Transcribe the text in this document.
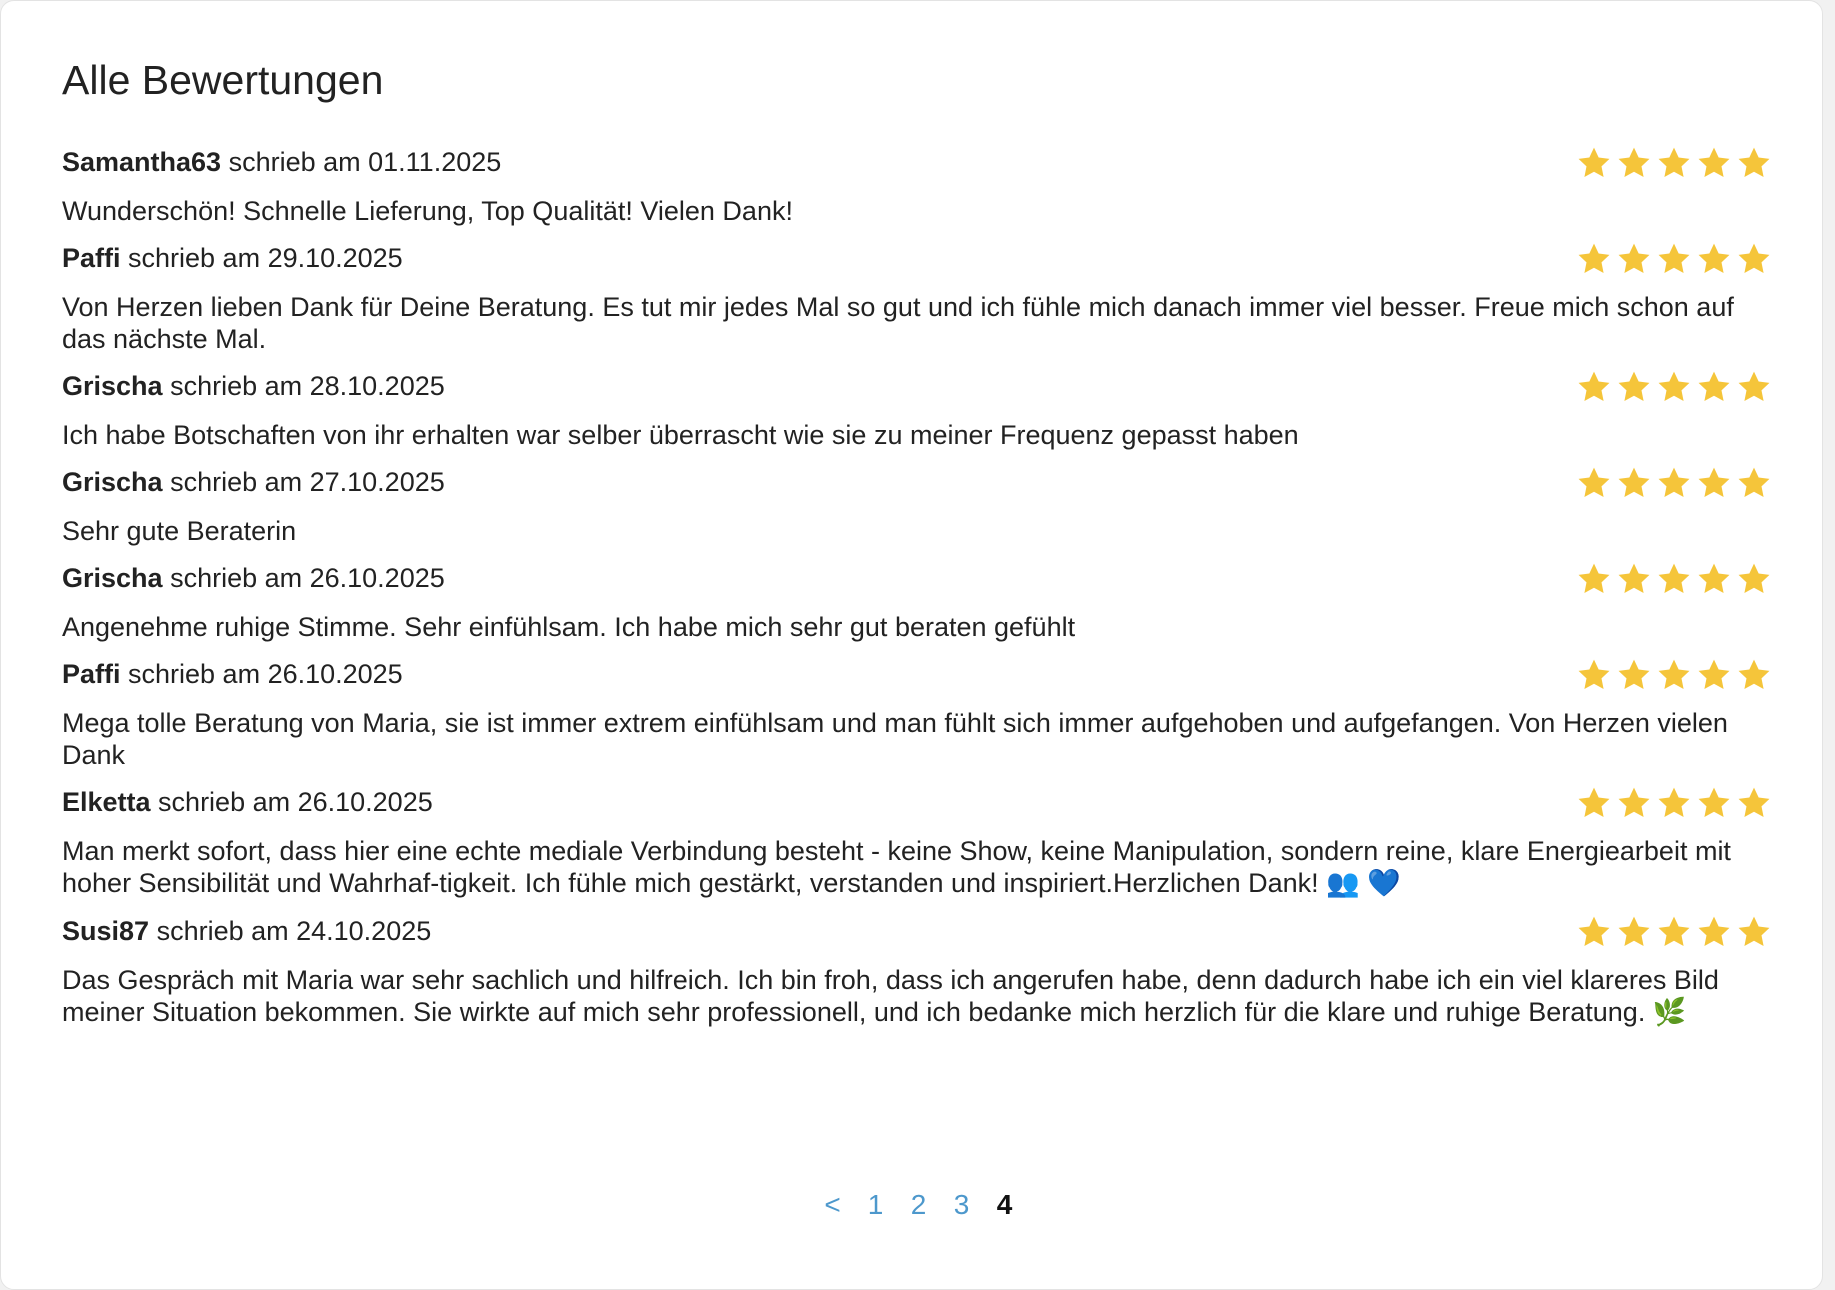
Alle Bewertungen
Samantha63 schrieb am 01.11.2025

Wunderschön! Schnelle Lieferung, Top Qualität! Vielen Dank!

Paffi schrieb am 29.10.2025

Von Herzen lieben Dank für Deine Beratung. Es tut mir jedes Mal so gut und ich fühle mich danach immer viel besser. Freue mich schon auf das nächste Mal.

Grischa schrieb am 28.10.2025

Ich habe Botschaften von ihr erhalten war selber überrascht wie sie zu meiner Frequenz gepasst haben

Grischa schrieb am 27.10.2025

Sehr gute Beraterin

Grischa schrieb am 26.10.2025

Angenehme ruhige Stimme. Sehr einfühlsam. Ich habe mich sehr gut beraten gefühlt

Paffi schrieb am 26.10.2025

Mega tolle Beratung von Maria, sie ist immer extrem einfühlsam und man fühlt sich immer aufgehoben und aufgefangen. Von Herzen vielen Dank

Elketta schrieb am 26.10.2025

Man merkt sofort, dass hier eine echte mediale Verbindung besteht - keine Show, keine Manipulation, sondern reine, klare Energiearbeit mit hoher Sensibilität und Wahrhaf-tigkeit. Ich fühle mich gestärkt, verstanden und inspiriert.Herzlichen Dank! 👥 💙

Susi87 schrieb am 24.10.2025

Das Gespräch mit Maria war sehr sachlich und hilfreich. Ich bin froh, dass ich angerufen habe, denn dadurch habe ich ein viel klareres Bild meiner Situation bekommen. Sie wirkte auf mich sehr professionell, und ich bedanke mich herzlich für die klare und ruhige Beratung. 🌿

< 1 2 3 4
